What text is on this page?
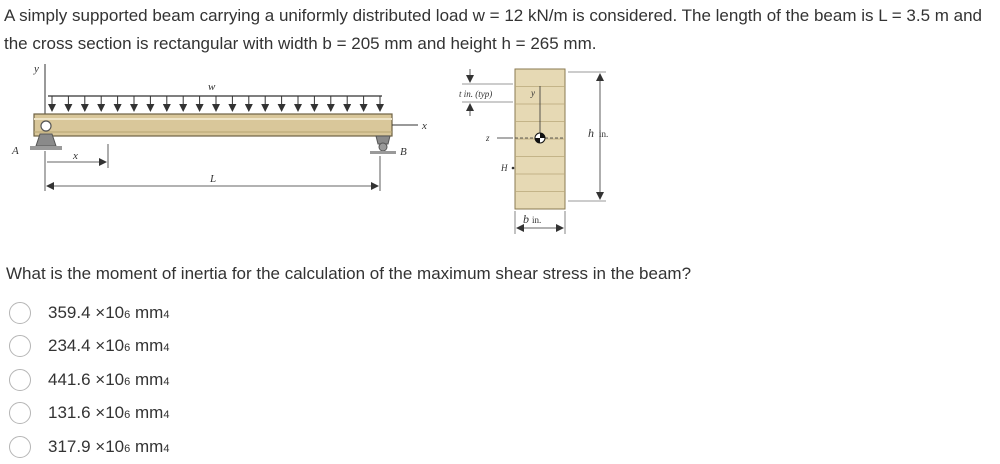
A simply supported beam carrying a uniformly distributed load w = 12 kN/m is considered. The length of the beam is L = 3.5 m and the cross section is rectangular with width b = 205 mm and height h = 265 mm.

y
w
x
A	B
x
L
y
z
H
t in. (typ)
h in.
b in.

What is the moment of inertia for the calculation of the maximum shear stress in the beam?

359.4
×10 6
mm 4
234.4
×10 6
mm 4
441.6
×10 6
mm 4
131.6
×10 6
mm 4
317.9
×10 6
mm 4
